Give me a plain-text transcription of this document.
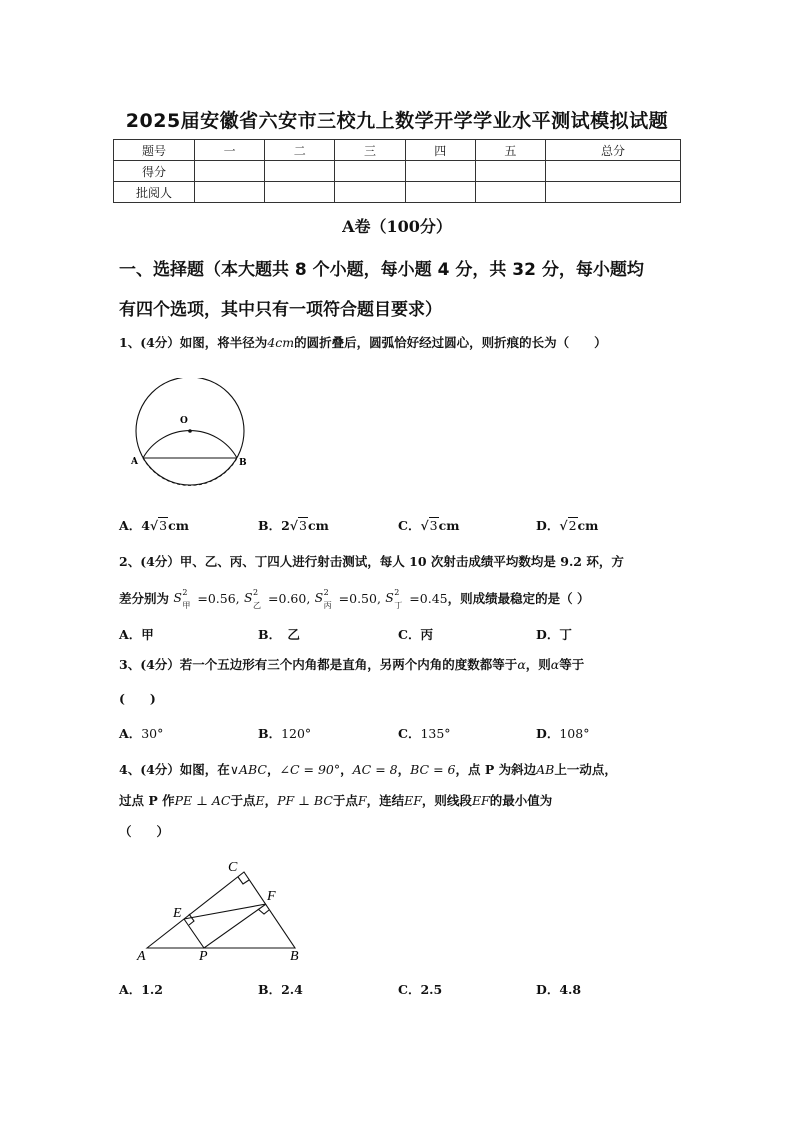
2025届安徽省六安市三校九上数学开学学业水平测试模拟试题
题号	一	二	三	四	五	总分
得分						
批阅人						
A卷（100分）
一、选择题（本大题共 8 个小题，每小题 4 分，共 32 分，每小题均
有四个选项，其中只有一项符合题目要求）
1、(4分）如图，将半径为4cm的圆折叠后，圆弧恰好经过圆心，则折痕的长为（　　）
O
A	B
A．4√3cm	B．2√3cm	C．√3cm	D．√2cm
2、(4分）甲、乙、丙、丁四人进行射击测试，每人 10 次射击成绩平均数均是 9.2 环，方
差分别为 S 2
甲 =0.56, S 2
乙 =0.60, S 2
丙 =0.50, S 2
丁 =0.45，则成绩最稳定的是（ ）
A．甲	B．　乙	C．丙	D．丁
3、(4分）若一个五边形有三个内角都是直角，另两个内角的度数都等于α，则α等于
(　　)
A．30°	B．120°	C．135°	D．108°
4、(4分）如图，在∨ABC，∠C = 90°，AC = 8，BC = 6，点 P 为斜边AB上一动点，
过点 P 作PE ⊥ AC于点E，PF ⊥ BC于点F，连结EF，则线段EF的最小值为
（　　）
C
E
F
A	P	B
A．1.2	B．2.4	C．2.5	D．4.8
